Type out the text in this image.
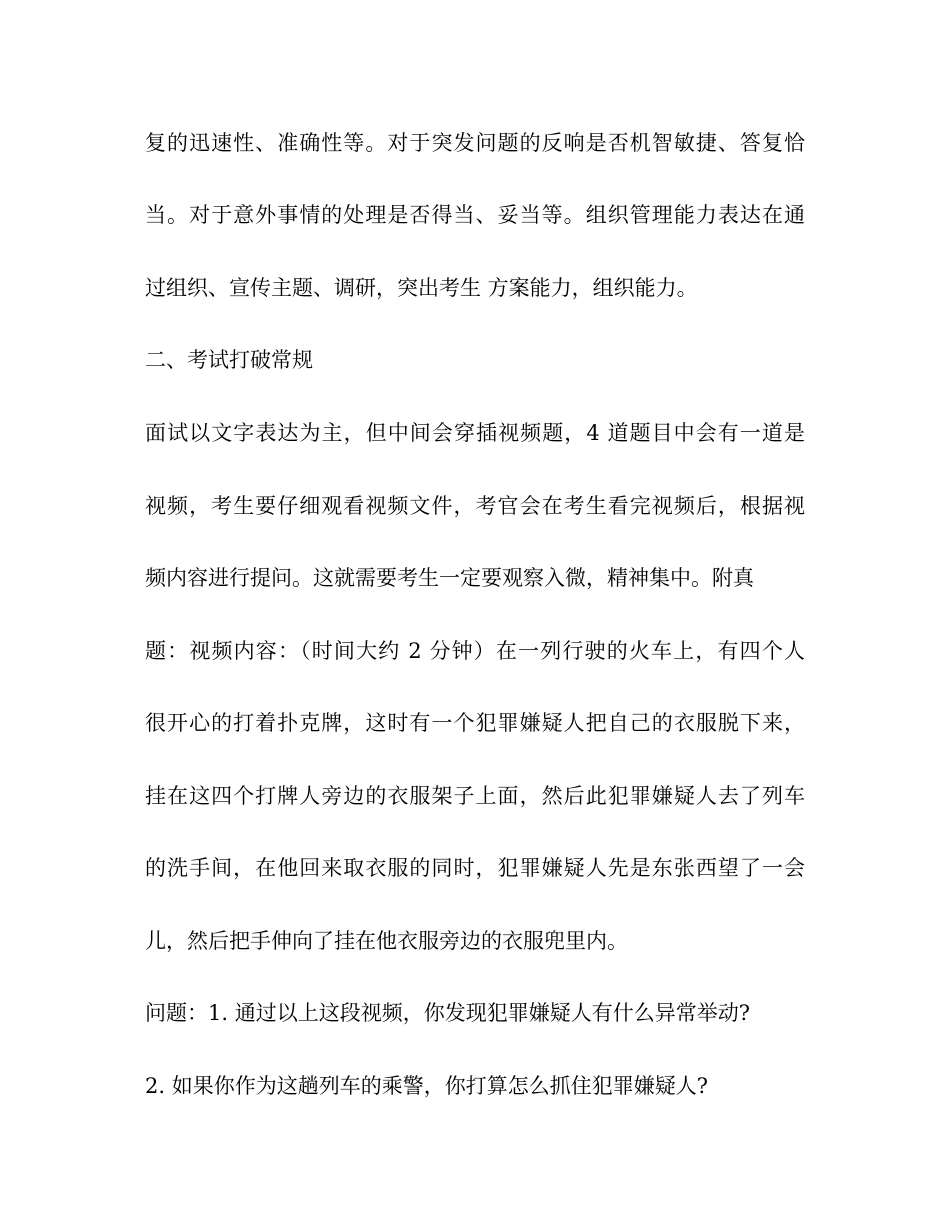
复的迅速性、准确性等。对于突发问题的反响是否机智敏捷、答复恰
当。对于意外事情的处理是否得当、妥当等。组织管理能力表达在通
过组织、宣传主题、调研，突出考生 方案能力，组织能力。
二、考试打破常规
面试以文字表达为主，但中间会穿插视频题，4 道题目中会有一道是
视频，考生要仔细观看视频文件，考官会在考生看完视频后，根据视
频内容进行提问。这就需要考生一定要观察入微，精神集中。附真
题：视频内容：（时间大约 2 分钟）在一列行驶的火车上，有四个人
很开心的打着扑克牌，这时有一个犯罪嫌疑人把自己的衣服脱下来，
挂在这四个打牌人旁边的衣服架子上面，然后此犯罪嫌疑人去了列车
的洗手间，在他回来取衣服的同时，犯罪嫌疑人先是东张西望了一会
儿，然后把手伸向了挂在他衣服旁边的衣服兜里内。
问题：1. 通过以上这段视频，你发现犯罪嫌疑人有什么异常举动?
2. 如果你作为这趟列车的乘警，你打算怎么抓住犯罪嫌疑人?
